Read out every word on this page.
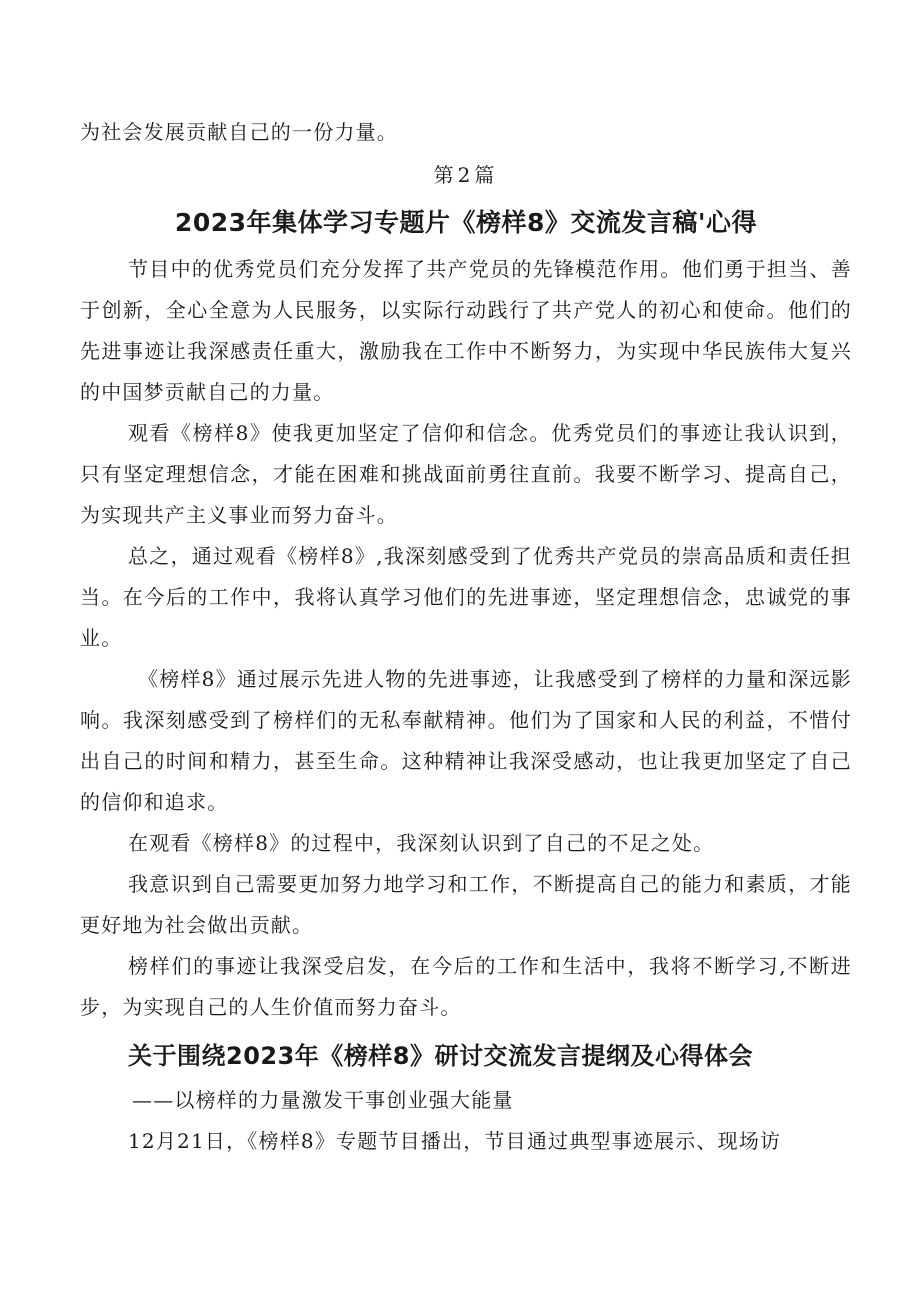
为社会发展贡献自己的一份力量。

第2篇

2023年集体学习专题片《榜样8》交流发言稿'心得

节目中的优秀党员们充分发挥了共产党员的先锋模范作用。他们勇于担当、善于创新，全心全意为人民服务，以实际行动践行了共产党人的初心和使命。他们的先进事迹让我深感责任重大，激励我在工作中不断努力，为实现中华民族伟大复兴的中国梦贡献自己的力量。

观看《榜样8》使我更加坚定了信仰和信念。优秀党员们的事迹让我认识到，只有坚定理想信念，才能在困难和挑战面前勇往直前。我要不断学习、提高自己，为实现共产主义事业而努力奋斗。

总之，通过观看《榜样8》,我深刻感受到了优秀共产党员的崇高品质和责任担当。在今后的工作中，我将认真学习他们的先进事迹，坚定理想信念，忠诚党的事业。

《榜样8》通过展示先进人物的先进事迹，让我感受到了榜样的力量和深远影响。我深刻感受到了榜样们的无私奉献精神。他们为了国家和人民的利益，不惜付出自己的时间和精力，甚至生命。这种精神让我深受感动，也让我更加坚定了自己的信仰和追求。

在观看《榜样8》的过程中，我深刻认识到了自己的不足之处。

我意识到自己需要更加努力地学习和工作，不断提高自己的能力和素质，才能更好地为社会做出贡献。

榜样们的事迹让我深受启发，在今后的工作和生活中，我将不断学习,不断进步，为实现自己的人生价值而努力奋斗。

关于围绕2023年《榜样8》研讨交流发言提纲及心得体会

——以榜样的力量激发干事创业强大能量

12月21日，《榜样8》专题节目播出，节目通过典型事迹展示、现场访
